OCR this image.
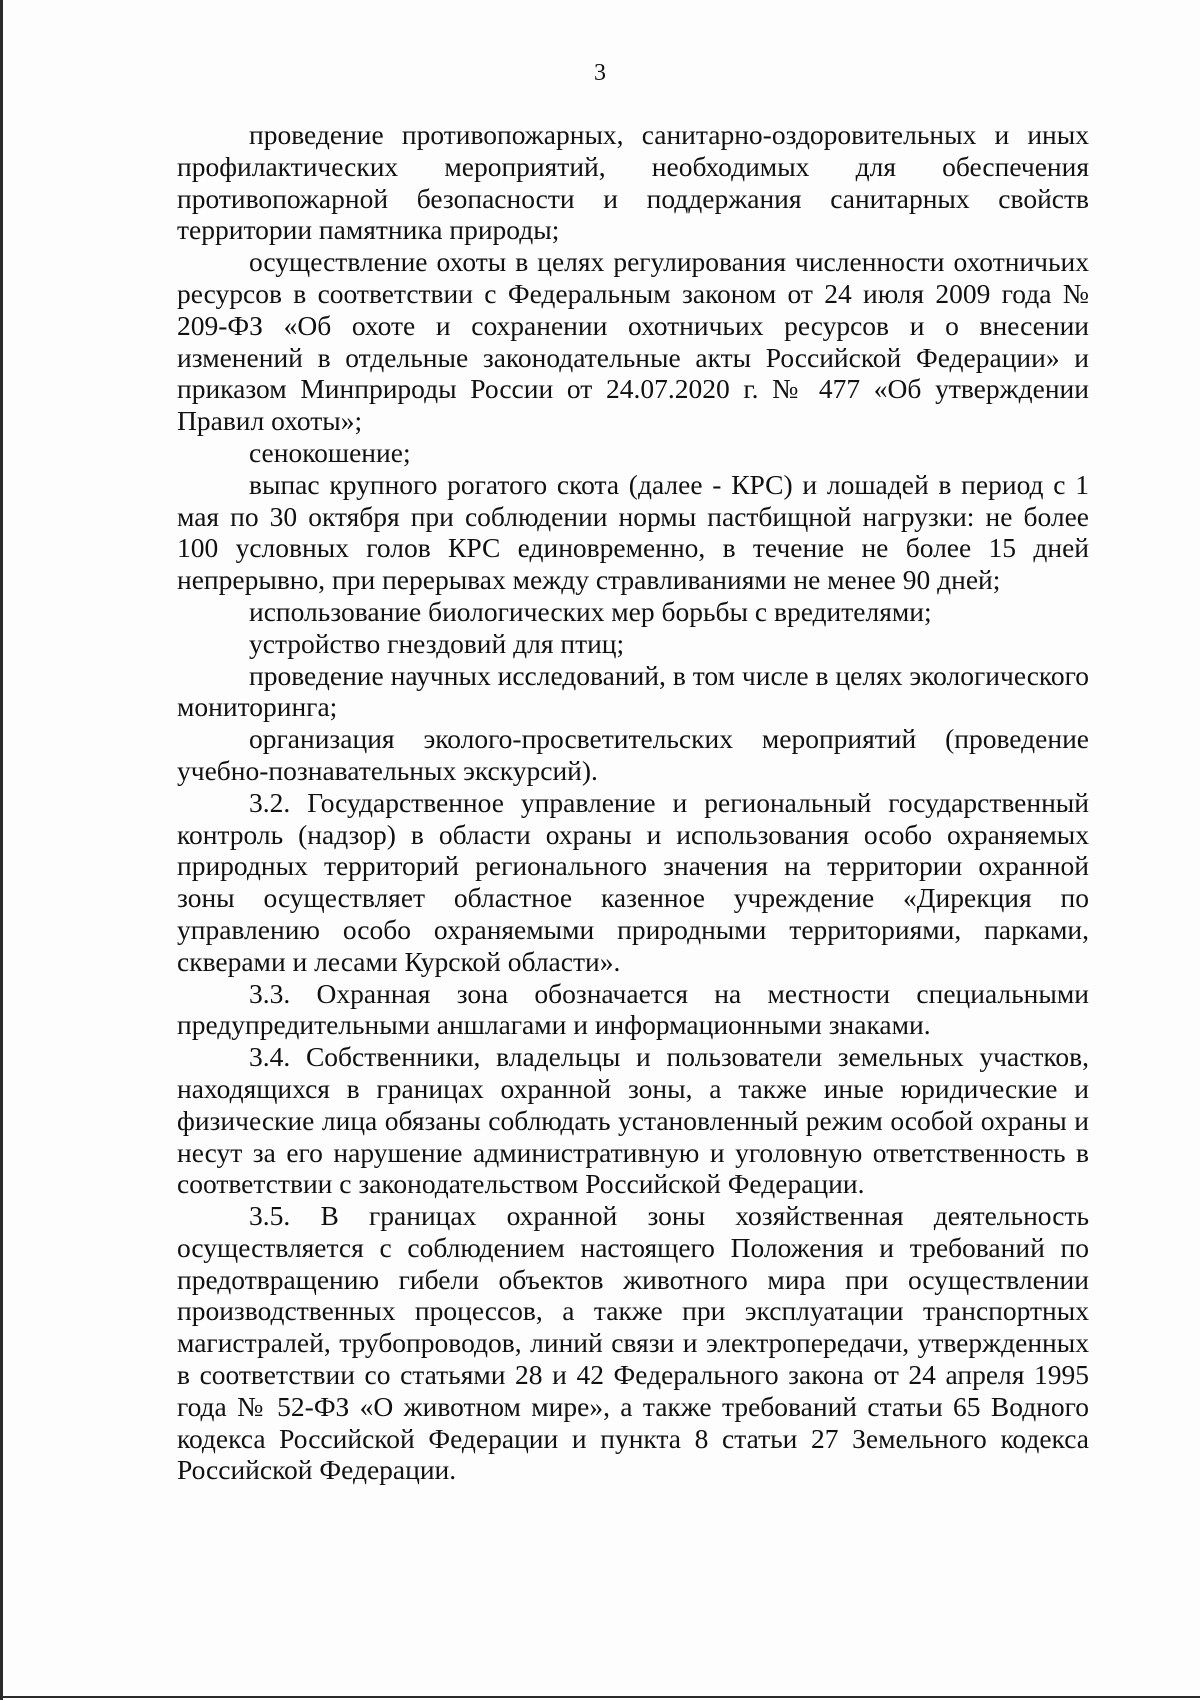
3

проведение противопожарных, санитарно-оздоровительных и иных профилактических мероприятий, необходимых для обеспечения противопожарной безопасности и поддержания санитарных свойств территории памятника природы;

осуществление охоты в целях регулирования численности охотничьих ресурсов в соответствии с Федеральным законом от 24 июля 2009 года № 209-ФЗ «Об охоте и сохранении охотничьих ресурсов и о внесении изменений в отдельные законодательные акты Российской Федерации» и приказом Минприроды России от 24.07.2020 г. № 477 «Об утверждении Правил охоты»;

сенокошение;

выпас крупного рогатого скота (далее - КРС) и лошадей в период с 1 мая по 30 октября при соблюдении нормы пастбищной нагрузки: не более 100 условных голов КРС единовременно, в течение не более 15 дней непрерывно, при перерывах между стравливаниями не менее 90 дней;

использование биологических мер борьбы с вредителями;

устройство гнездовий для птиц;

проведение научных исследований, в том числе в целях экологического мониторинга;

организация эколого-просветительских мероприятий (проведение учебно-познавательных экскурсий).

3.2. Государственное управление и региональный государственный контроль (надзор) в области охраны и использования особо охраняемых природных территорий регионального значения на территории охранной зоны осуществляет областное казенное учреждение «Дирекция по управлению особо охраняемыми природными территориями, парками, скверами и лесами Курской области».

3.3. Охранная зона обозначается на местности специальными предупредительными аншлагами и информационными знаками.

3.4. Собственники, владельцы и пользователи земельных участков, находящихся в границах охранной зоны, а также иные юридические и физические лица обязаны соблюдать установленный режим особой охраны и несут за его нарушение административную и уголовную ответственность в соответствии с законодательством Российской Федерации.

3.5. В границах охранной зоны хозяйственная деятельность осуществляется с соблюдением настоящего Положения и требований по предотвращению гибели объектов животного мира при осуществлении производственных процессов, а также при эксплуатации транспортных магистралей, трубопроводов, линий связи и электропередачи, утвержденных в соответствии со статьями 28 и 42 Федерального закона от 24 апреля 1995 года № 52-ФЗ «О животном мире», а также требований статьи 65 Водного кодекса Российской Федерации и пункта 8 статьи 27 Земельного кодекса Российской Федерации.
